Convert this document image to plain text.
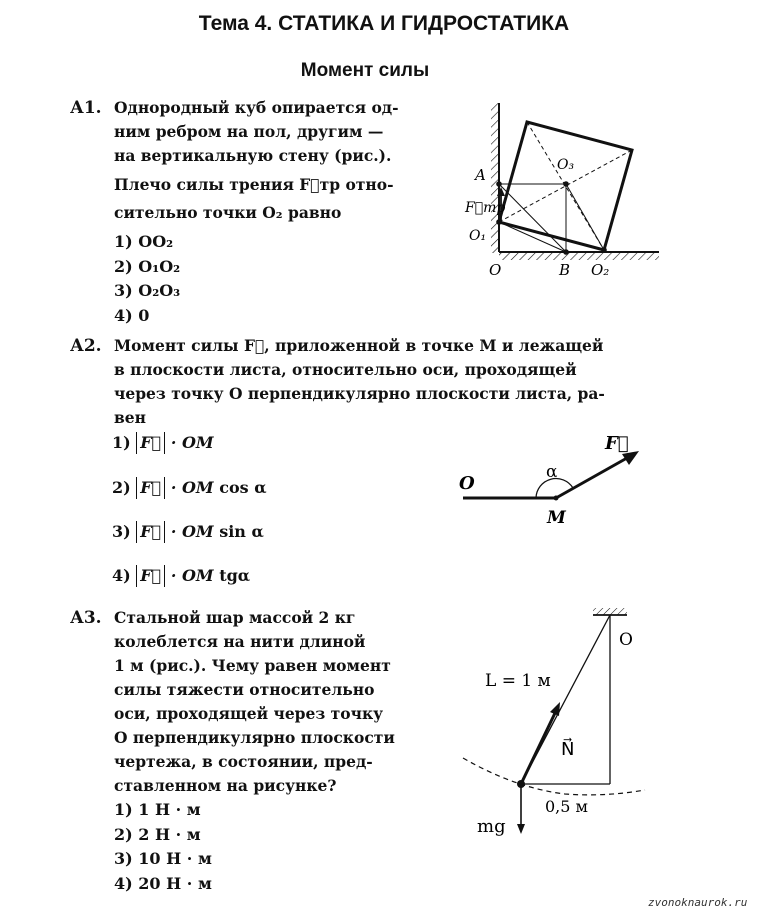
Тема 4. СТАТИКА И ГИДРОСТАТИКА
Момент силы
А1. Однородный куб опирается од-
ним ребром на пол, другим —
на вертикальную стену (рис.).
Плечо силы трения F⃗тр отно-
сительно точки O₂ равно
1) OO₂
2) O₁O₂
3) O₂O₃
4) 0
A
O₃
F⃗тр
O₁
O	B O₂
А2. Момент силы F⃗, приложенной в точке M и лежащей
в плоскости листа, относительно оси, проходящей
через точку O перпендикулярно плоскости листа, ра-
вен
1) F⃗ · OM
2) F⃗ · OM cos α
3) F⃗ · OM sin α
4) F⃗ · OM tgα
O
α
M
F⃗
А3. Стальной шар массой 2 кг
колеблется на нити длиной
1 м (рис.). Чему равен момент
силы тяжести относительно
оси, проходящей через точку
O перпендикулярно плоскости
чертежа, в состоянии, пред-
ставленном на рисунке?
1) 1 Н · м
2) 2 Н · м
3) 10 Н · м
4) 20 Н · м
O
L = 1 м
N⃗
mg
0,5 м
zvonoknaurok.ru
